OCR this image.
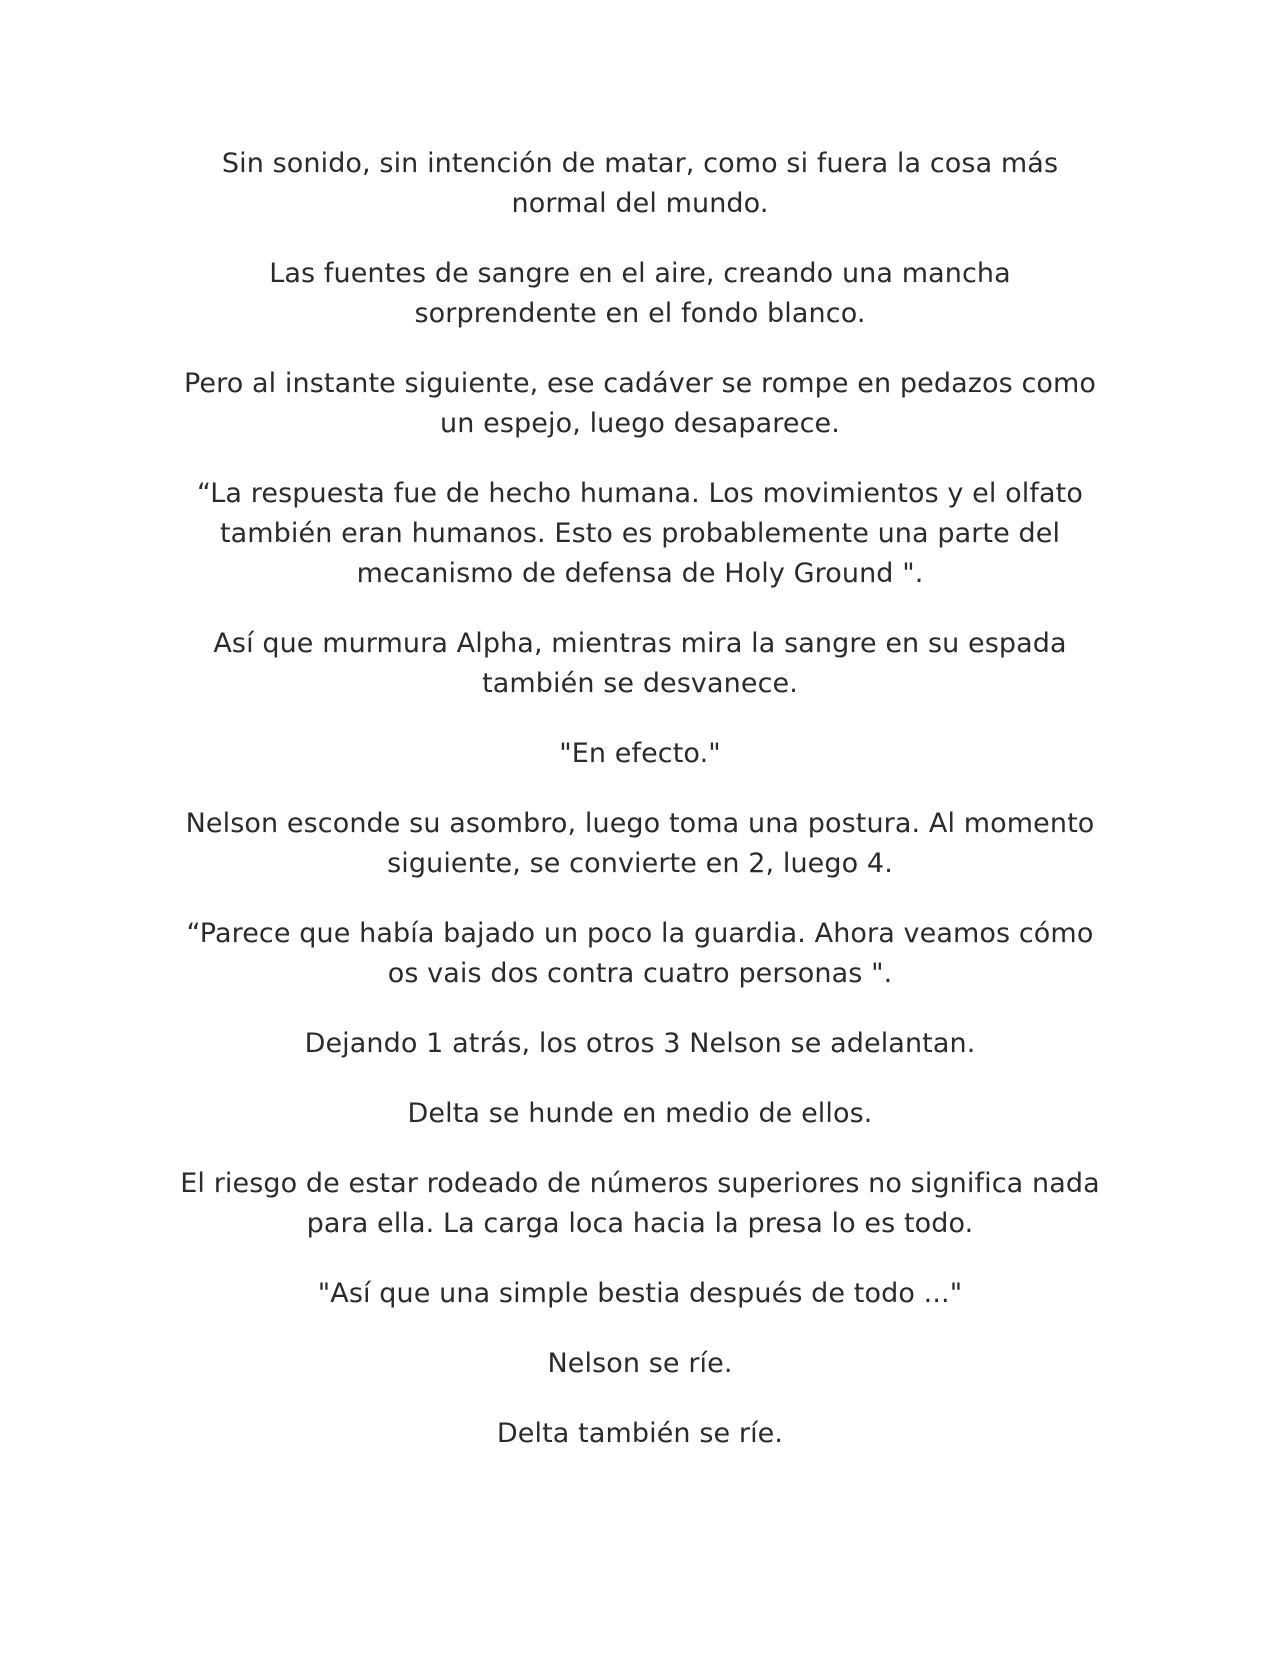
Sin sonido, sin intención de matar, como si fuera la cosa más normal del mundo.

Las fuentes de sangre en el aire, creando una mancha sorprendente en el fondo blanco.

Pero al instante siguiente, ese cadáver se rompe en pedazos como un espejo, luego desaparece.

“La respuesta fue de hecho humana. Los movimientos y el olfato también eran humanos. Esto es probablemente una parte del mecanismo de defensa de Holy Ground ".

Así que murmura Alpha, mientras mira la sangre en su espada también se desvanece.

"En efecto."

Nelson esconde su asombro, luego toma una postura. Al momento siguiente, se convierte en 2, luego 4.

“Parece que había bajado un poco la guardia. Ahora veamos cómo os vais dos contra cuatro personas ".

Dejando 1 atrás, los otros 3 Nelson se adelantan.

Delta se hunde en medio de ellos.

El riesgo de estar rodeado de números superiores no significa nada para ella. La carga loca hacia la presa lo es todo.

"Así que una simple bestia después de todo ..."

Nelson se ríe.

Delta también se ríe.
